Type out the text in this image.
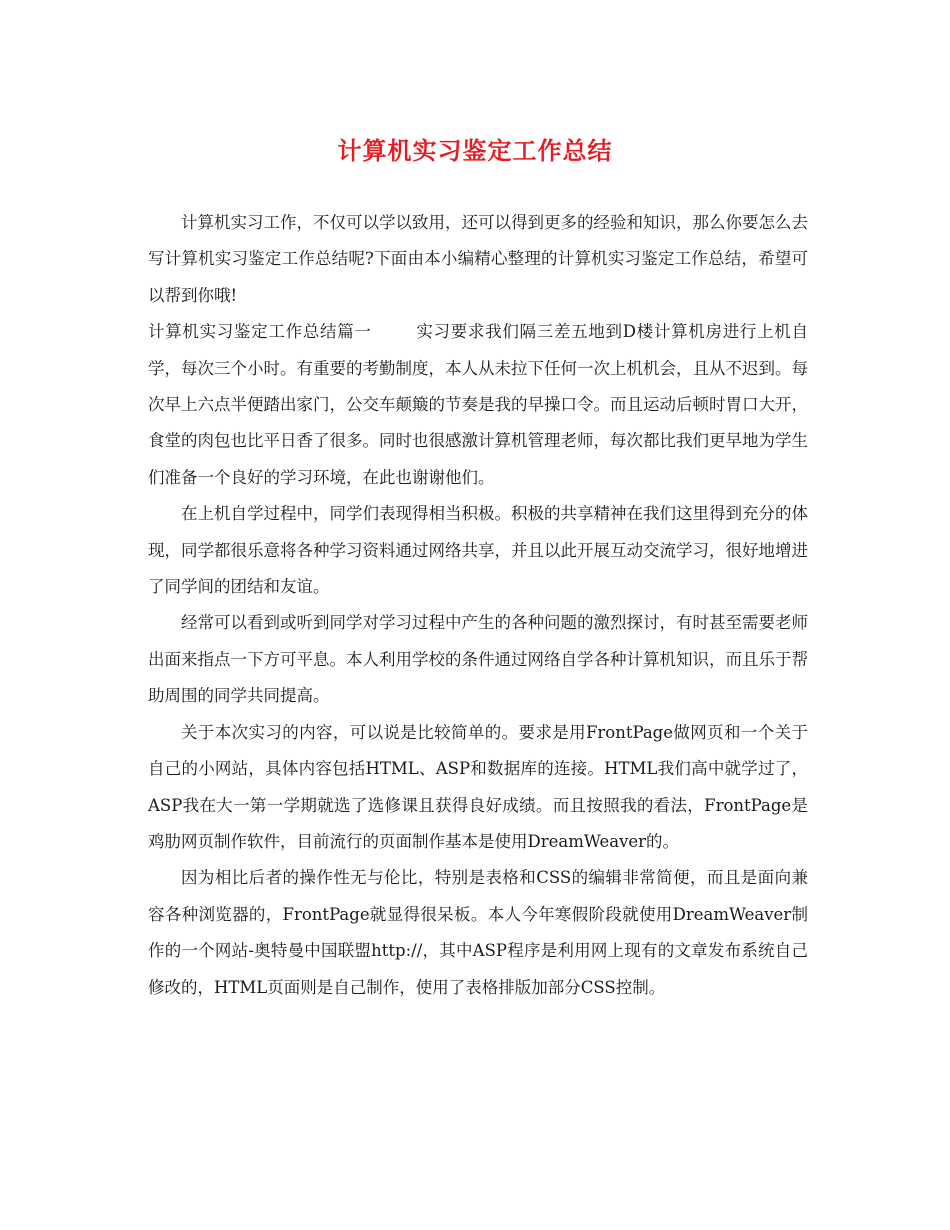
计算机实习鉴定工作总结

计算机实习工作，不仅可以学以致用，还可以得到更多的经验和知识，那么你要怎么去写计算机实习鉴定工作总结呢?下面由本小编精心整理的计算机实习鉴定工作总结，希望可以帮到你哦!

计算机实习鉴定工作总结篇一	实习要求我们隔三差五地到D楼计算机房进行上机自学，每次三个小时。有重要的考勤制度，本人从未拉下任何一次上机机会，且从不迟到。每次早上六点半便踏出家门，公交车颠簸的节奏是我的早操口令。而且运动后顿时胃口大开，食堂的肉包也比平日香了很多。同时也很感激计算机管理老师，每次都比我们更早地为学生们准备一个良好的学习环境，在此也谢谢他们。

在上机自学过程中，同学们表现得相当积极。积极的共享精神在我们这里得到充分的体现，同学都很乐意将各种学习资料通过网络共享，并且以此开展互动交流学习，很好地增进了同学间的团结和友谊。

经常可以看到或听到同学对学习过程中产生的各种问题的激烈探讨，有时甚至需要老师出面来指点一下方可平息。本人利用学校的条件通过网络自学各种计算机知识，而且乐于帮助周围的同学共同提高。

关于本次实习的内容，可以说是比较简单的。要求是用FrontPage做网页和一个关于自己的小网站，具体内容包括HTML、ASP和数据库的连接。HTML我们高中就学过了，ASP我在大一第一学期就选了选修课且获得良好成绩。而且按照我的看法，FrontPage是鸡肋网页制作软件，目前流行的页面制作基本是使用DreamWeaver的。

因为相比后者的操作性无与伦比，特别是表格和CSS的编辑非常简便，而且是面向兼容各种浏览器的，FrontPage就显得很呆板。本人今年寒假阶段就使用DreamWeaver制作的一个网站-奥特曼中国联盟http://，其中ASP程序是利用网上现有的文章发布系统自己修改的，HTML页面则是自己制作，使用了表格排版加部分CSS控制。
